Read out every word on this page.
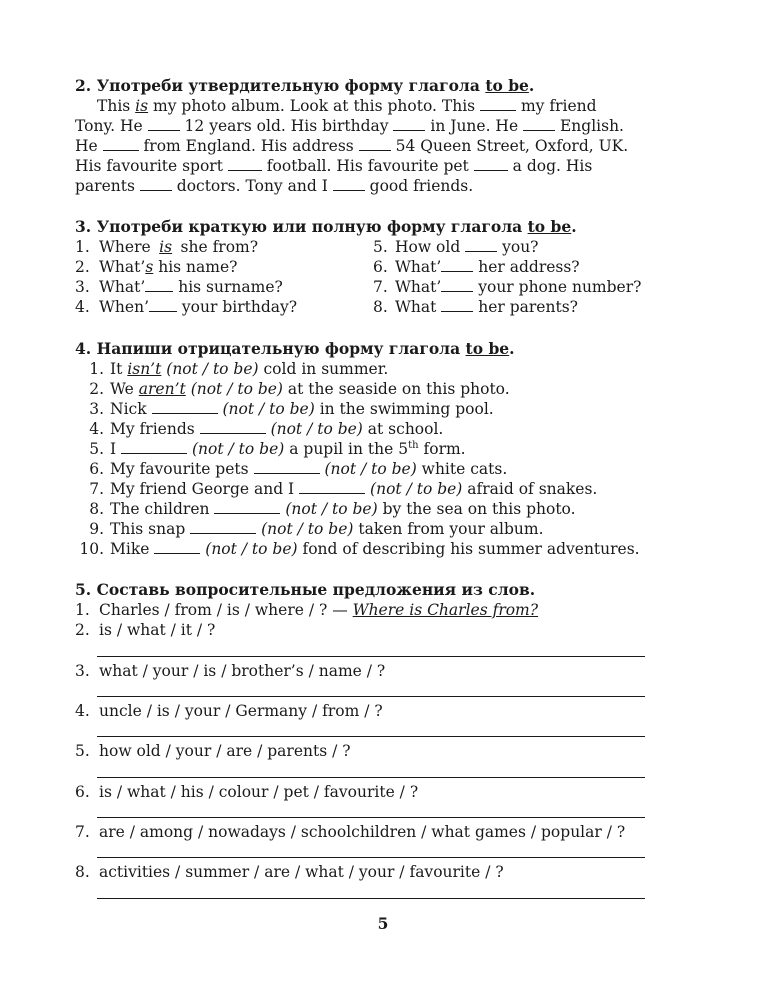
2. Употреби утвердительную форму глагола to be.
This is my photo album. Look at this photo. This  my friend
Tony. He  12 years old. His birthday  in June. He  English.
He  from England. His address  54 Queen Street, Oxford, UK.
His favourite sport  football. His favourite pet  a dog. His
parents  doctors. Tony and I  good friends.
3. Употреби краткую или полную форму глагола to be.
1. Where is she from?
2. What’s his name?
3. What’ his surname?
4. When’ your birthday?
5. How old  you?
6. What’ her address?
7. What’ your phone number?
8. What  her parents?
4. Напиши отрицательную форму глагола to be.
1. It isn’t (not / to be) cold in summer.
2. We aren’t (not / to be) at the seaside on this photo.
3. Nick	(not / to be) in the swimming pool.
4. My friends	(not / to be) at school.
5. I	(not / to be) a pupil in the 5th form.
6. My favourite pets	(not / to be) white cats.
7. My friend George and I	(not / to be) afraid of snakes.
8. The children	(not / to be) by the sea on this photo.
9. This snap	(not / to be) taken from your album.
10. Mike	(not / to be) fond of describing his summer adventures.
5. Составь вопросительные предложения из слов.
1. Charles / from / is / where / ? — Where is Charles from?
2. is / what / it / ?
3. what / your / is / brother’s / name / ?
4. uncle / is / your / Germany / from / ?
5. how old / your / are / parents / ?
6. is / what / his / colour / pet / favourite / ?
7. are / among / nowadays / schoolchildren / what games / popular / ?
8. activities / summer / are / what / your / favourite / ?
5
